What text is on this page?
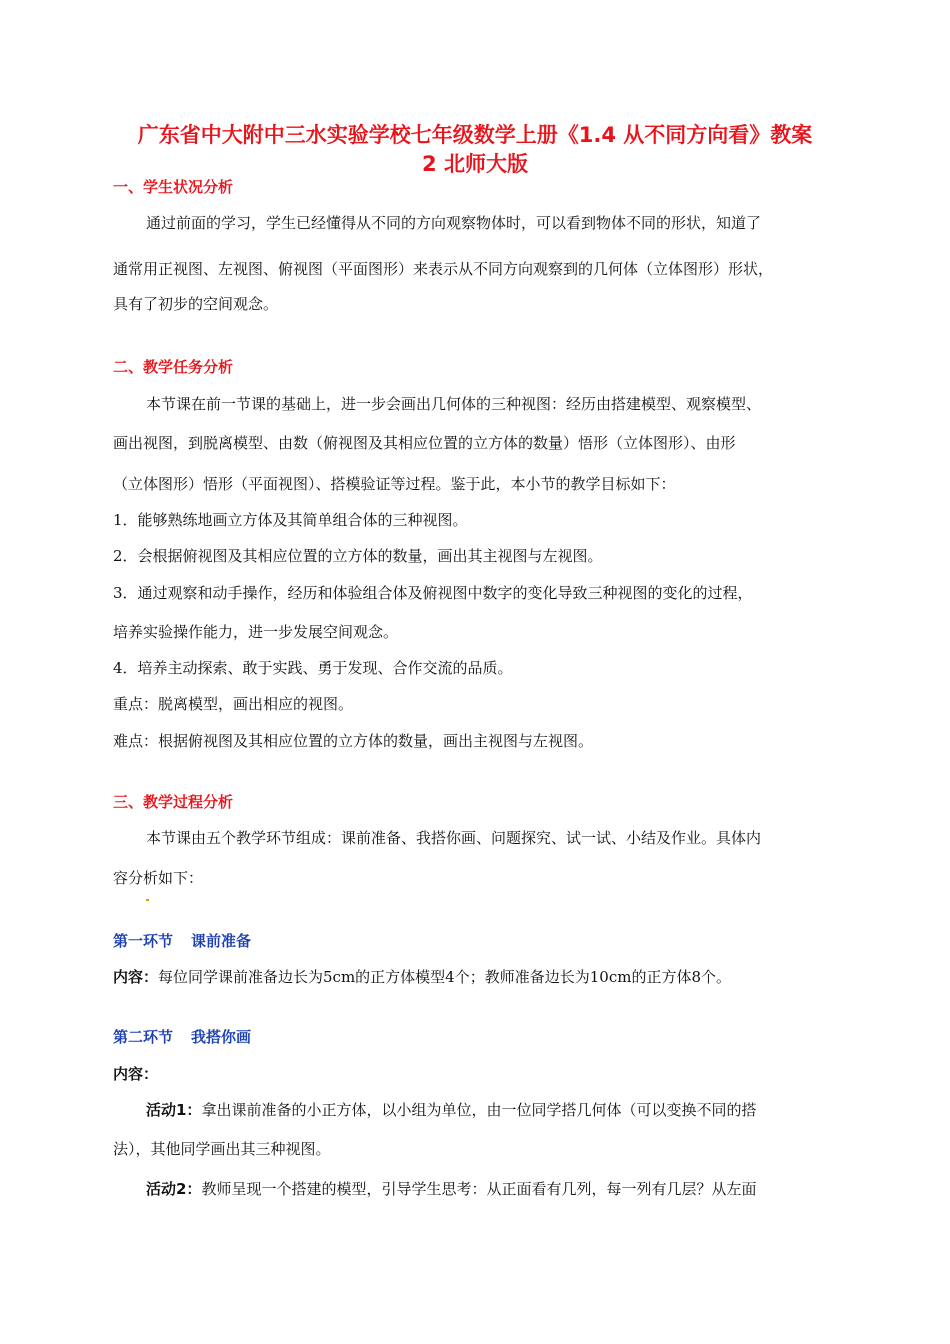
广东省中大附中三水实验学校七年级数学上册《1.4 从不同方向看》教案
2 北师大版
一、学生状况分析
通过前面的学习，学生已经懂得从不同的方向观察物体时，可以看到物体不同的形状，知道了
通常用正视图、左视图、俯视图（平面图形）来表示从不同方向观察到的几何体（立体图形）形状，
具有了初步的空间观念。
二、教学任务分析
本节课在前一节课的基础上，进一步会画出几何体的三种视图：经历由搭建模型、观察模型、
画出视图，到脱离模型、由数（俯视图及其相应位置的立方体的数量）悟形（立体图形）、由形
（立体图形）悟形（平面视图）、搭模验证等过程。鉴于此，本小节的教学目标如下：
1．能够熟练地画立方体及其简单组合体的三种视图。
2．会根据俯视图及其相应位置的立方体的数量，画出其主视图与左视图。
3．通过观察和动手操作，经历和体验组合体及俯视图中数字的变化导致三种视图的变化的过程，
培养实验操作能力，进一步发展空间观念。
4．培养主动探索、敢于实践、勇于发现、合作交流的品质。
重点：脱离模型，画出相应的视图。
难点：根据俯视图及其相应位置的立方体的数量，画出主视图与左视图。
三、教学过程分析
本节课由五个教学环节组成：课前准备、我搭你画、问题探究、试一试、小结及作业。具体内
容分析如下：
第一环节 课前准备
内容：每位同学课前准备边长为5cm的正方体模型4个；教师准备边长为10cm的正方体8个。
第二环节 我搭你画
内容：
活动1：拿出课前准备的小正方体，以小组为单位，由一位同学搭几何体（可以变换不同的搭
法），其他同学画出其三种视图。
活动2：教师呈现一个搭建的模型，引导学生思考：从正面看有几列，每一列有几层？从左面
